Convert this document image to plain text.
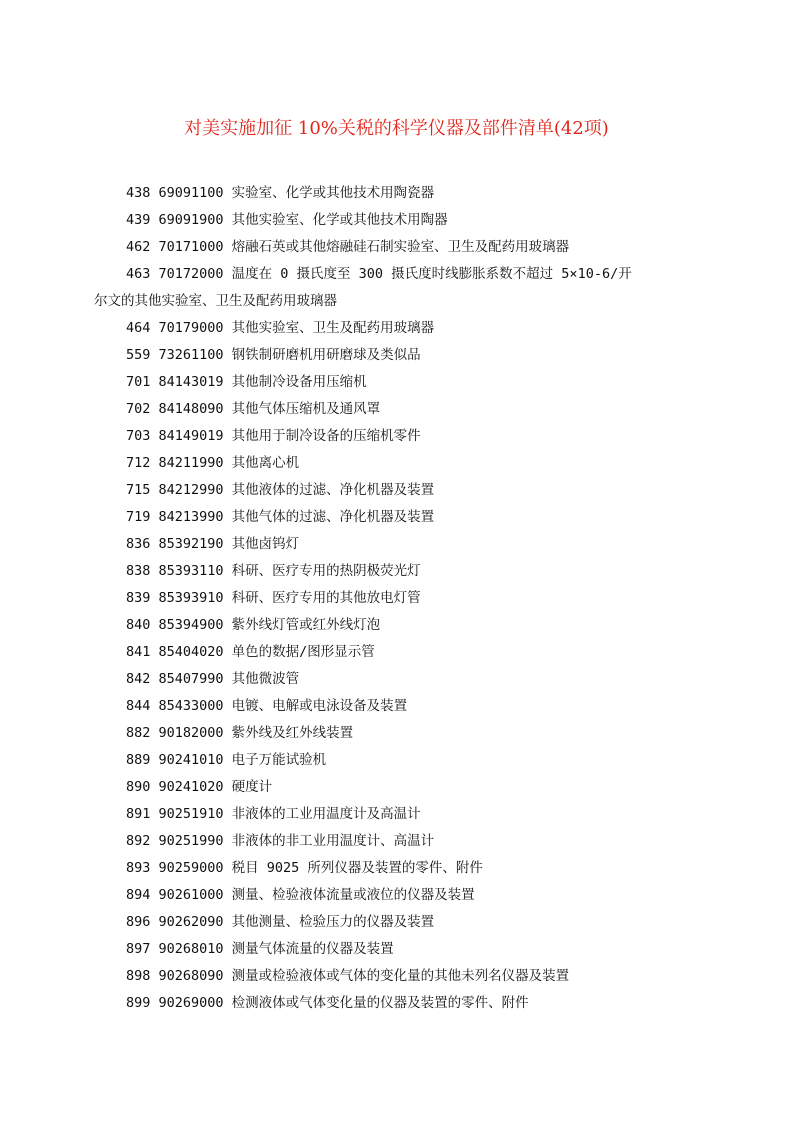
对美实施加征 10%关税的科学仪器及部件清单(42项)
438 69091100 实验室、化学或其他技术用陶瓷器
439 69091900 其他实验室、化学或其他技术用陶器
462 70171000 熔融石英或其他熔融硅石制实验室、卫生及配药用玻璃器
463 70172000 温度在 0 摄氏度至 300 摄氏度时线膨胀系数不超过 5×10-6/开
尔文的其他实验室、卫生及配药用玻璃器
464 70179000 其他实验室、卫生及配药用玻璃器
559 73261100 钢铁制研磨机用研磨球及类似品
701 84143019 其他制冷设备用压缩机
702 84148090 其他气体压缩机及通风罩
703 84149019 其他用于制冷设备的压缩机零件
712 84211990 其他离心机
715 84212990 其他液体的过滤、净化机器及装置
719 84213990 其他气体的过滤、净化机器及装置
836 85392190 其他卤钨灯
838 85393110 科研、医疗专用的热阴极荧光灯
839 85393910 科研、医疗专用的其他放电灯管
840 85394900 紫外线灯管或红外线灯泡
841 85404020 单色的数据/图形显示管
842 85407990 其他微波管
844 85433000 电镀、电解或电泳设备及装置
882 90182000 紫外线及红外线装置
889 90241010 电子万能试验机
890 90241020 硬度计
891 90251910 非液体的工业用温度计及高温计
892 90251990 非液体的非工业用温度计、高温计
893 90259000 税目 9025 所列仪器及装置的零件、附件
894 90261000 测量、检验液体流量或液位的仪器及装置
896 90262090 其他测量、检验压力的仪器及装置
897 90268010 测量气体流量的仪器及装置
898 90268090 测量或检验液体或气体的变化量的其他未列名仪器及装置
899 90269000 检测液体或气体变化量的仪器及装置的零件、附件
